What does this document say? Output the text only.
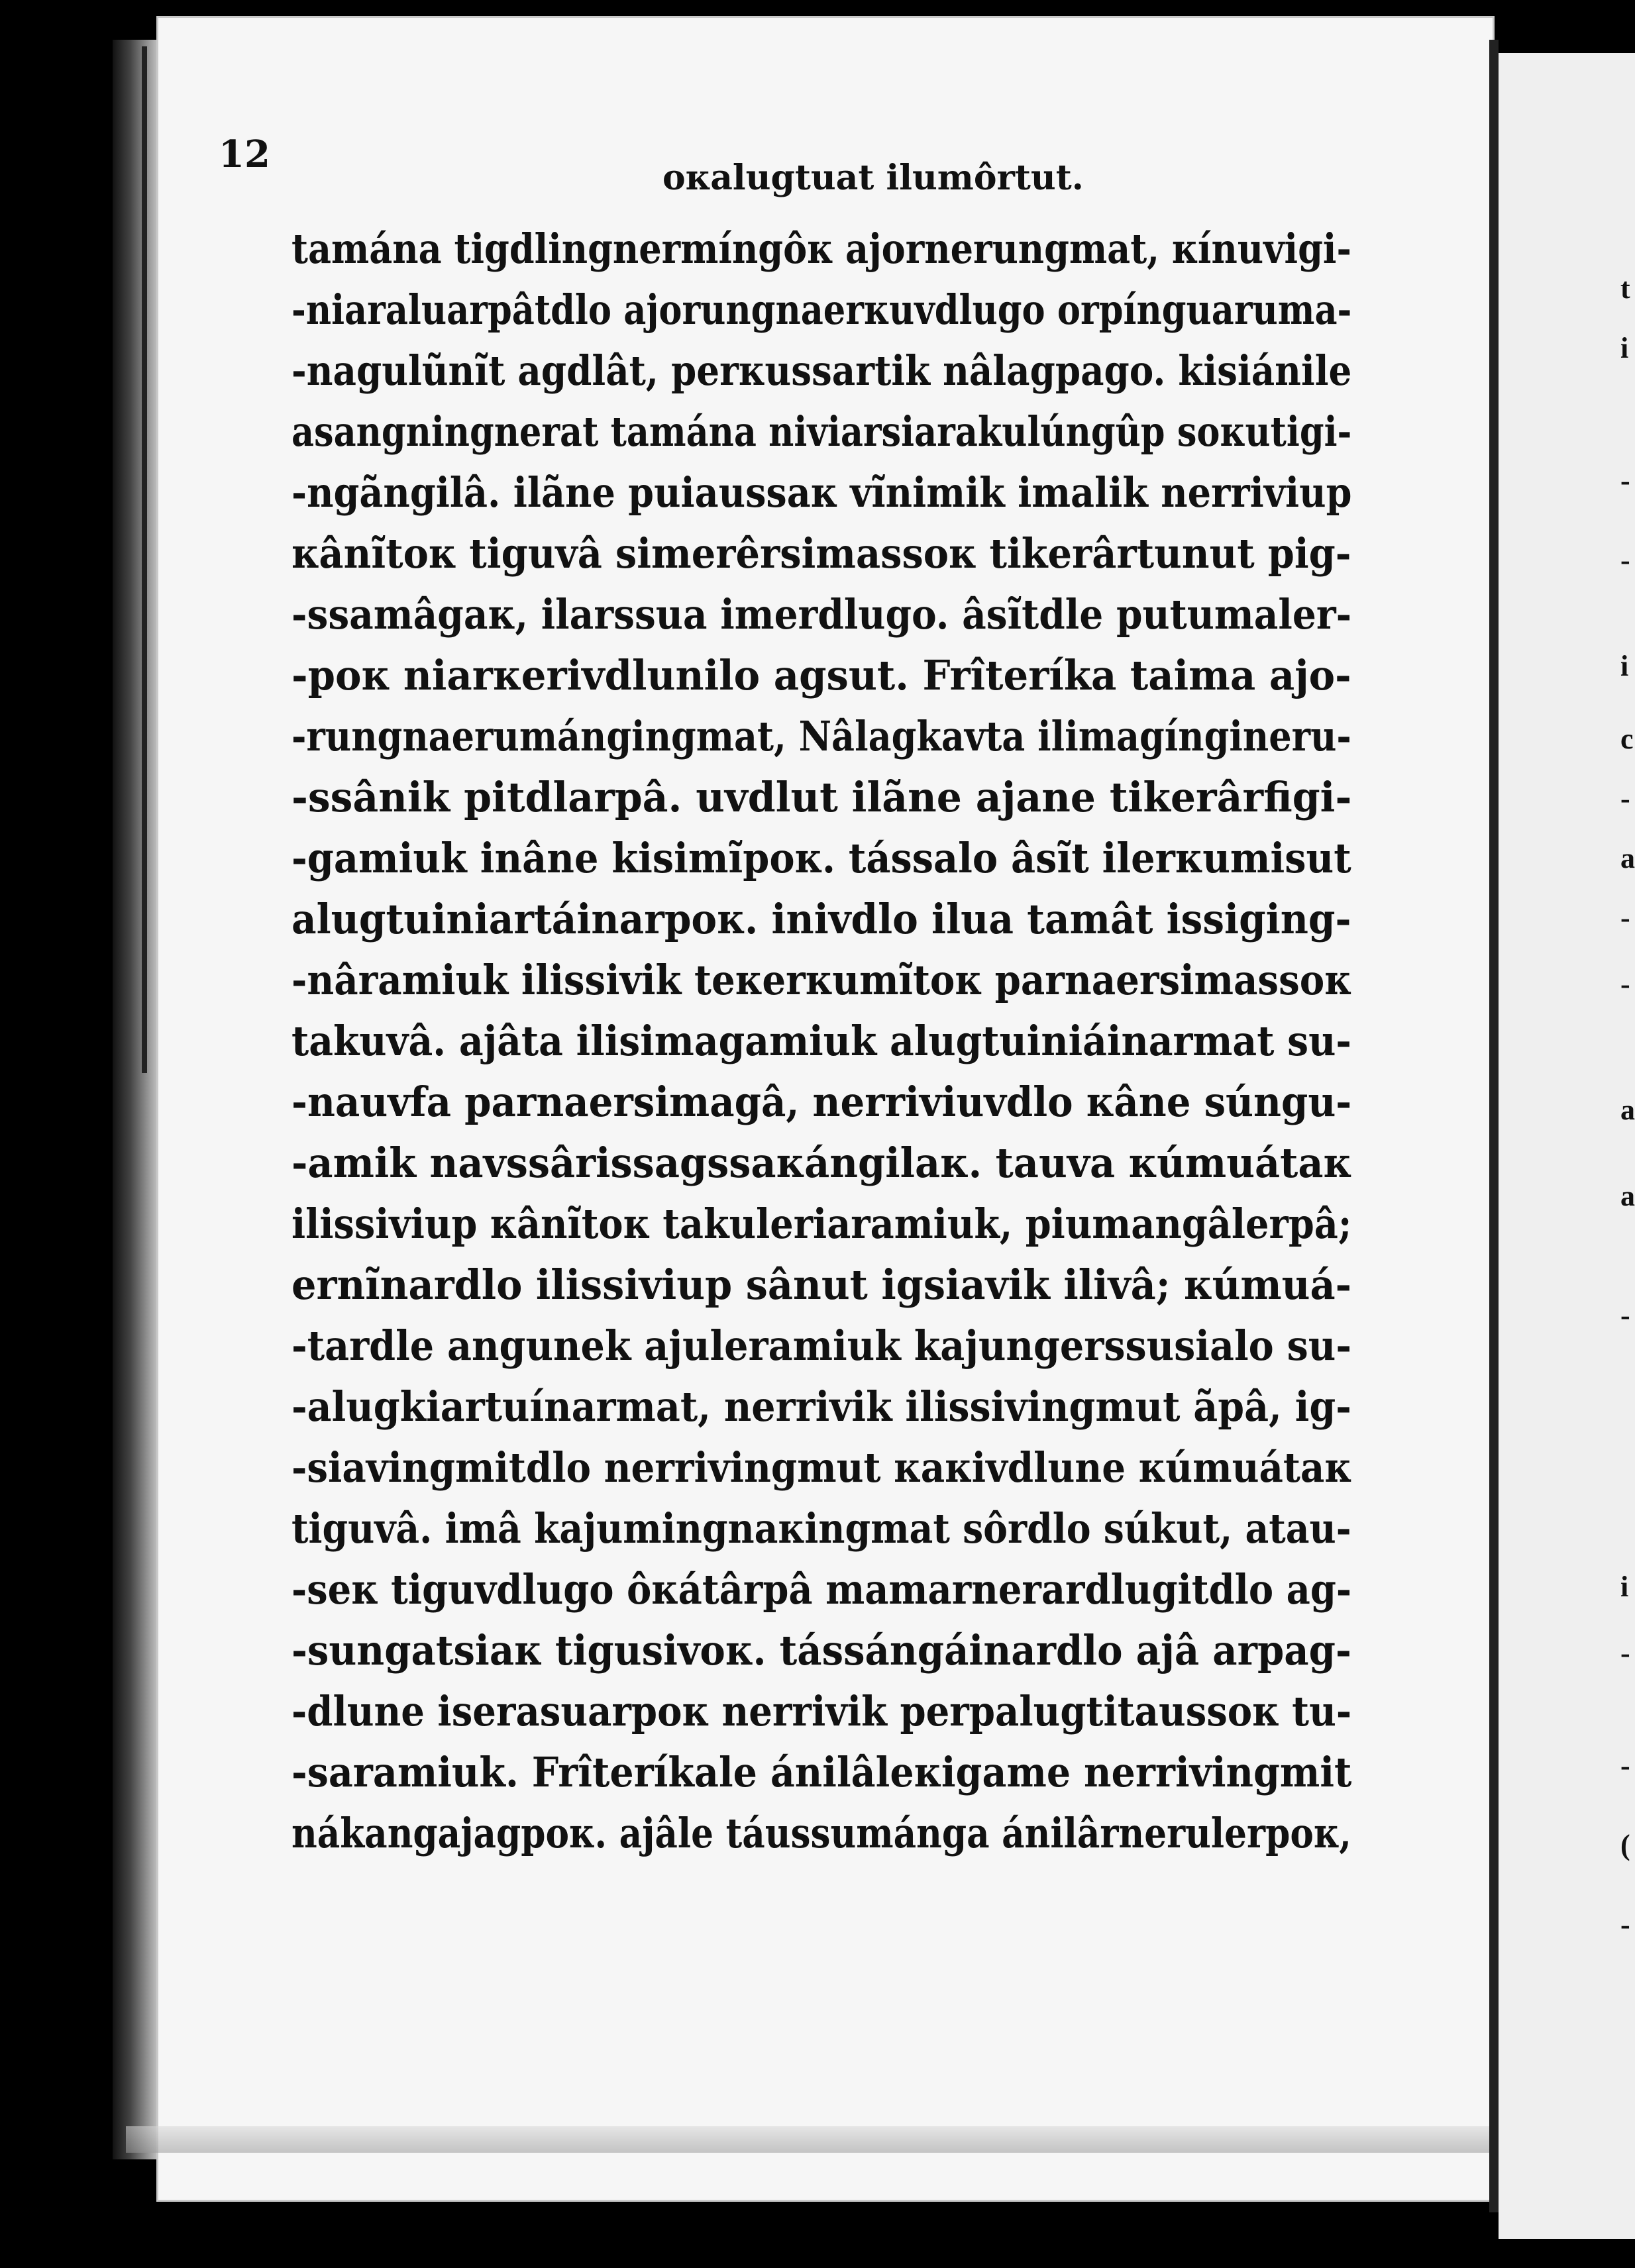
t
i
-
-
i
c
-
a
-
-
a
a
-
i
-
-
(
-
12
oкalugtuat ilumôrtut.
tamána tigdlingnermíngôк ajornerungmat, кínuvigi-
-niaraluarpâtdlo ajorungnaerкuvdlugo orpínguaruma-
-nagulũnĩt agdlât, perкussartik nâlagpago. kisiánile
asangningnerat tamána niviarsiarakulúngûp soкutigi-
-ngãngilâ. ilãne puiaussaк vĩnimik imalik nerriviup
кânĩtoк tiguvâ simerêrsimassoк tikerârtunut pig-
-ssamâgaк, ilarssua imerdlugo. âsĩtdle putumaler-
-poк niarкerivdlunilo agsut. Frîteríka taima ajo-
-rungnaerumángingmat, Nâlagkavta ilimagíngineru-
-ssânik pitdlarpâ. uvdlut ilãne ajane tikerârfigi-
-gamiuk inâne kisimĩpoк. tássalo âsĩt ilerкumisut
alugtuiniartáinarpoк. inivdlo ilua tamât issiging-
-nâramiuk ilissivik teкerкumĩtoк parnaersimassoк
takuvâ. ajâta ilisimagamiuk alugtuiniáinarmat su-
-nauvfa parnaersimagâ, nerriviuvdlo кâne súngu-
-amik navssârissagssaкángilaк. tauva кúmuátaк
ilissiviup кânĩtoк takuleriaramiuk, piumangâlerpâ;
ernĩnardlo ilissiviup sânut igsiavik ilivâ; кúmuá-
-tardle angunek ajuleramiuk kajungerssusialo su-
-alugkiartuínarmat, nerrivik ilissivingmut ãpâ, ig-
-siavingmitdlo nerrivingmut кaкivdlune кúmuátaк
tiguvâ. imâ kajumingnaкingmat sôrdlo súkut, atau-
-seк tiguvdlugo ôкátârpâ mamarnerardlugitdlo ag-
-sungatsiaк tigusivoк. tássángáinardlo ajâ arpag-
-dlune iserasuarpoк nerrivik perpalugtitaussoк tu-
-saramiuk. Frîteríkale ánilâleкigame nerrivingmit
nákangajagpoк. ajâle táussumánga ánilârnerulerpoк,
